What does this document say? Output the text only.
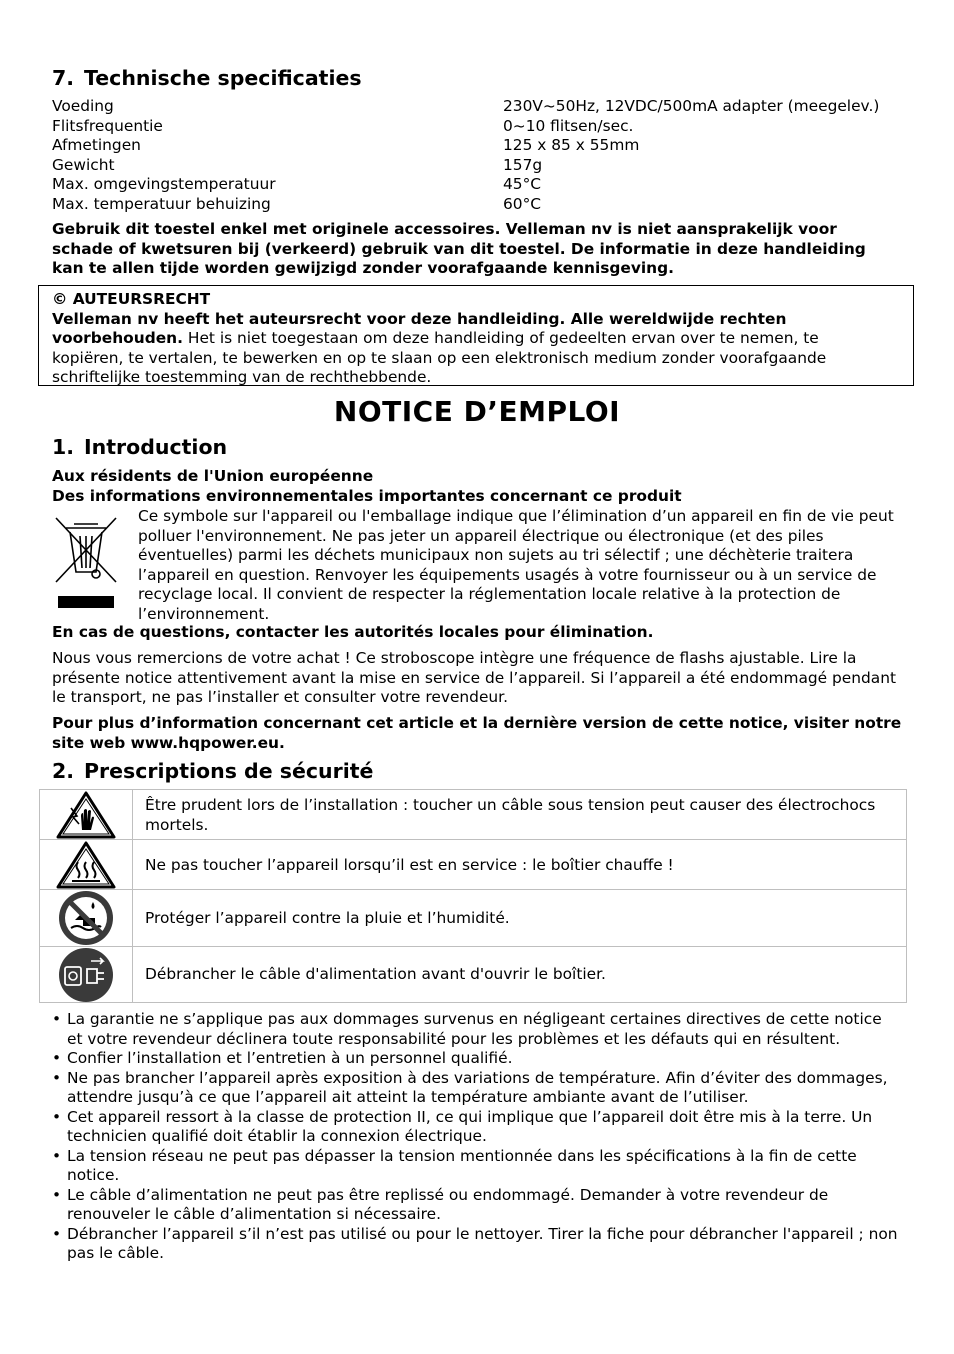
7. Technische specificaties
Voeding	230V~50Hz, 12VDC/500mA adapter (meegelev.)
Flitsfrequentie	0~10 flitsen/sec.
Afmetingen	125 x 85 x 55mm
Gewicht	157g
Max. omgevingstemperatuur	45°C
Max. temperatuur behuizing	60°C
Gebruik dit toestel enkel met originele accessoires. Velleman nv is niet aansprakelijk voor schade of kwetsuren bij (verkeerd) gebruik van dit toestel. De informatie in deze handleiding kan te allen tijde worden gewijzigd zonder voorafgaande kennisgeving.
© AUTEURSRECHT
Velleman nv heeft het auteursrecht voor deze handleiding. Alle wereldwijde rechten voorbehouden. Het is niet toegestaan om deze handleiding of gedeelten ervan over te nemen, te kopiëren, te vertalen, te bewerken en op te slaan op een elektronisch medium zonder voorafgaande schriftelijke toestemming van de rechthebbende.
NOTICE D’EMPLOI
1. Introduction
Aux résidents de l'Union européenne
Des informations environnementales importantes concernant ce produit
Ce symbole sur l'appareil ou l'emballage indique que l’élimination d’un appareil en fin de vie peut polluer l'environnement. Ne pas jeter un appareil électrique ou électronique (et des piles éventuelles) parmi les déchets municipaux non sujets au tri sélectif ; une déchèterie traitera l’appareil en question. Renvoyer les équipements usagés à votre fournisseur ou à un service de recyclage local. Il convient de respecter la réglementation locale relative à la protection de l’environnement.
En cas de questions, contacter les autorités locales pour élimination.
Nous vous remercions de votre achat ! Ce stroboscope intègre une fréquence de flashs ajustable. Lire la présente notice attentivement avant la mise en service de l’appareil. Si l’appareil a été endommagé pendant le transport, ne pas l’installer et consulter votre revendeur.
Pour plus d’information concernant cet article et la dernière version de cette notice, visiter notre site web www.hqpower.eu.
2. Prescriptions de sécurité
Être prudent lors de l’installation : toucher un câble sous tension peut causer des électrochocs mortels.
Ne pas toucher l’appareil lorsqu’il est en service : le boîtier chauffe !
Protéger l’appareil contre la pluie et l’humidité.
Débrancher le câble d'alimentation avant d'ouvrir le boîtier.
• La garantie ne s’applique pas aux dommages survenus en négligeant certaines directives de cette notice et votre revendeur déclinera toute responsabilité pour les problèmes et les défauts qui en résultent.
• Confier l’installation et l’entretien à un personnel qualifié.
• Ne pas brancher l’appareil après exposition à des variations de température. Afin d’éviter des dommages, attendre jusqu’à ce que l’appareil ait atteint la température ambiante avant de l’utiliser.
• Cet appareil ressort à la classe de protection II, ce qui implique que l’appareil doit être mis à la terre. Un technicien qualifié doit établir la connexion électrique.
• La tension réseau ne peut pas dépasser la tension mentionnée dans les spécifications à la fin de cette notice.
• Le câble d’alimentation ne peut pas être replissé ou endommagé. Demander à votre revendeur de renouveler le câble d’alimentation si nécessaire.
• Débrancher l’appareil s’il n’est pas utilisé ou pour le nettoyer. Tirer la fiche pour débrancher l'appareil ; non pas le câble.
